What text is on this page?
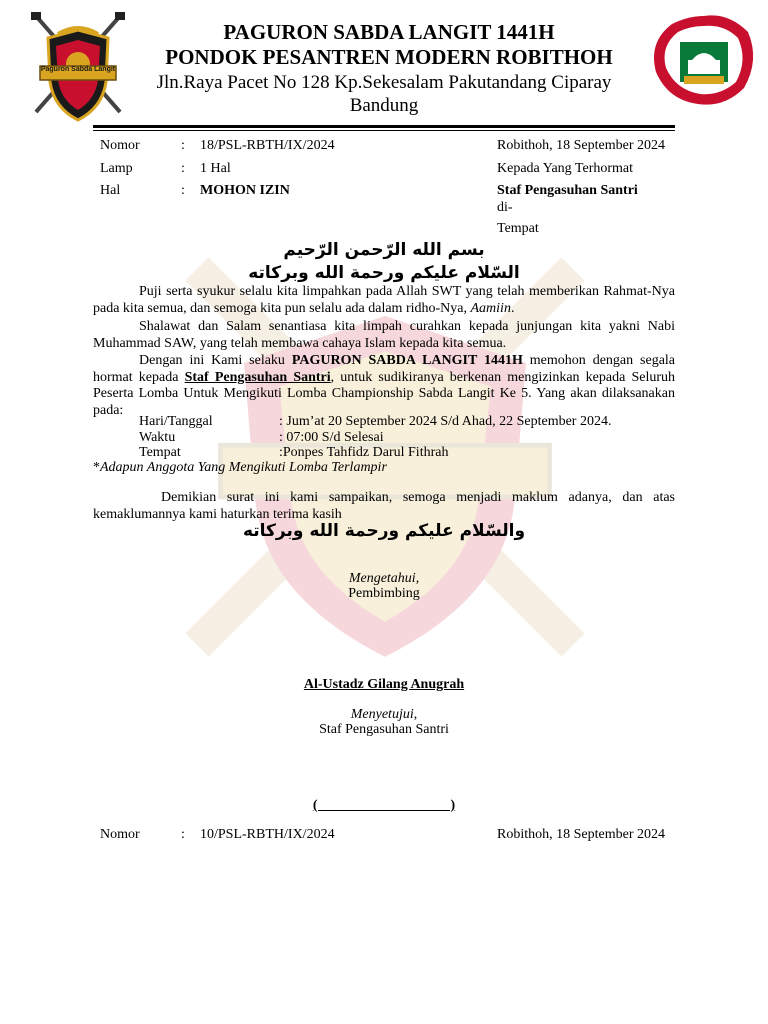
Paguron Sabda Langit
PAGURON SABDA LANGIT 1441H
PONDOK PESANTREN MODERN ROBITHOH
Jln.Raya Pacet No 128 Kp.Sekesalam Pakutandang Ciparay Bandung
Nomor	: 18/PSL-RBTH/IX/2024	Robithoh, 18 September 2024
Lamp	: 1 Hal	Kepada Yang Terhormat
Hal	: MOHON IZIN	Staf Pengasuhan Santri
di-
Tempat
بسم الله الرّحمن الرّحيم
السّلام عليكم ورحمة الله وبركاته
Puji serta syukur selalu kita limpahkan pada Allah SWT yang telah memberikan Rahmat-Nya pada kita semua, dan semoga kita pun selalu ada dalam ridho-Nya, Aamiin.
Shalawat dan Salam senantiasa kita limpah curahkan kepada junjungan kita yakni Nabi Muhammad SAW, yang telah membawa cahaya Islam kepada kita semua.
Dengan ini Kami selaku PAGURON SABDA LANGIT 1441H memohon dengan segala hormat kepada Staf Pengasuhan Santri, untuk sudikiranya berkenan mengizinkan kepada Seluruh Peserta Lomba Untuk Mengikuti Lomba Championship Sabda Langit Ke 5. Yang akan dilaksanakan pada:
Hari/Tanggal	: Jum’at 20 September 2024 S/d Ahad, 22 September 2024.
Waktu	: 07:00 S/d Selesai
Tempat	:Ponpes Tahfidz Darul Fithrah
*Adapun Anggota Yang Mengikuti Lomba Terlampir
Demikian surat ini kami sampaikan, semoga menjadi maklum adanya, dan atas kemaklumannya kami haturkan terima kasih
والسّلام عليكم ورحمة الله وبركاته
Mengetahui,
Pembimbing
Al-Ustadz Gilang Anugrah
Menyetujui,
Staf Pengasuhan Santri
(                                      )
Nomor	: 10/PSL-RBTH/IX/2024	Robithoh, 18 September 2024
